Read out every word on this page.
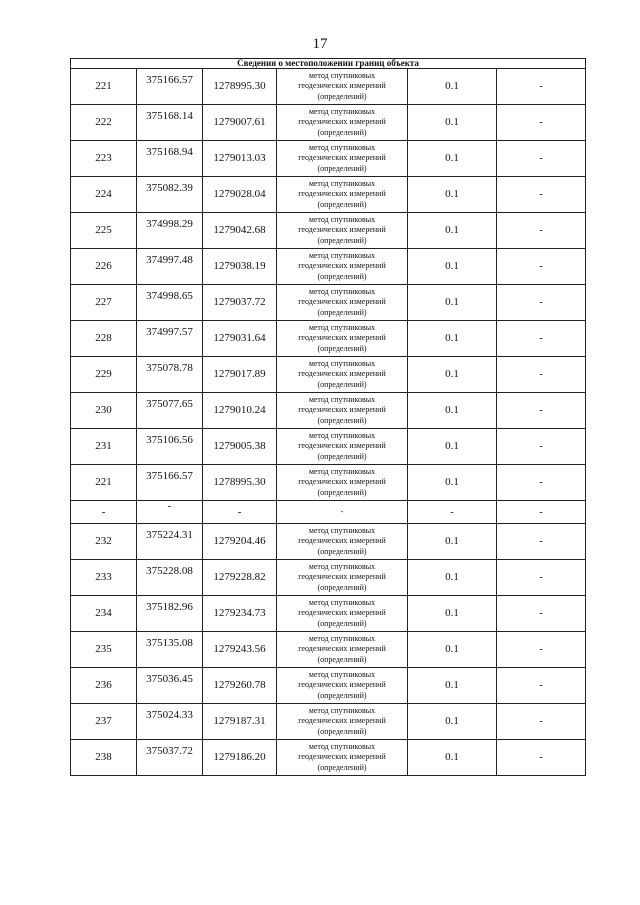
17
Сведения о местоположении границ объекта					
221	375166.57	1278995.30	метод спутниковых
геодезических измерений
(определений)	0.1	-
222	375168.14	1279007.61	метод спутниковых
геодезических измерений
(определений)	0.1	-
223	375168.94	1279013.03	метод спутниковых
геодезических измерений
(определений)	0.1	-
224	375082.39	1279028.04	метод спутниковых
геодезических измерений
(определений)	0.1	-
225	374998.29	1279042.68	метод спутниковых
геодезических измерений
(определений)	0.1	-
226	374997.48	1279038.19	метод спутниковых
геодезических измерений
(определений)	0.1	-
227	374998.65	1279037.72	метод спутниковых
геодезических измерений
(определений)	0.1	-
228	374997.57	1279031.64	метод спутниковых
геодезических измерений
(определений)	0.1	-
229	375078.78	1279017.89	метод спутниковых
геодезических измерений
(определений)	0.1	-
230	375077.65	1279010.24	метод спутниковых
геодезических измерений
(определений)	0.1	-
231	375106.56	1279005.38	метод спутниковых
геодезических измерений
(определений)	0.1	-
221	375166.57	1278995.30	метод спутниковых
геодезических измерений
(определений)	0.1	-
-	-	-	-	-	-
232	375224.31	1279204.46	метод спутниковых
геодезических измерений
(определений)	0.1	-
233	375228.08	1279228.82	метод спутниковых
геодезических измерений
(определений)	0.1	-
234	375182.96	1279234.73	метод спутниковых
геодезических измерений
(определений)	0.1	-
235	375135.08	1279243.56	метод спутниковых
геодезических измерений
(определений)	0.1	-
236	375036.45	1279260.78	метод спутниковых
геодезических измерений
(определений)	0.1	-
237	375024.33	1279187.31	метод спутниковых
геодезических измерений
(определений)	0.1	-
238	375037.72	1279186.20	метод спутниковых
геодезических измерений
(определений)	0.1	-
